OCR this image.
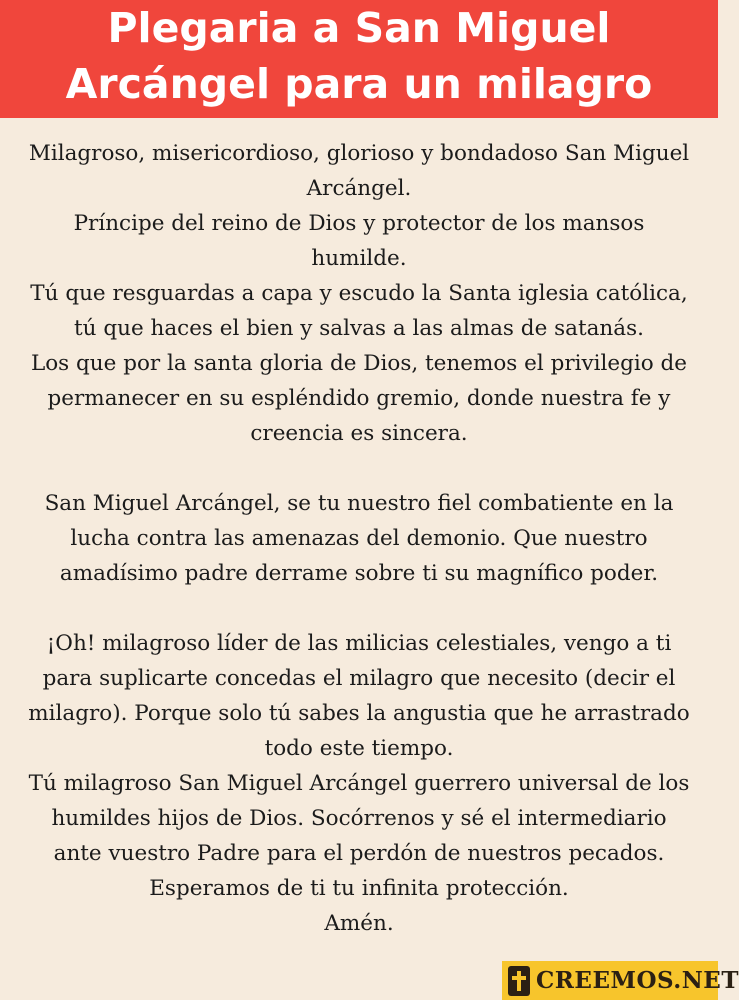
Plegaria a San Miguel
Arcángel para un milagro
Milagroso, misericordioso, glorioso y bondadoso San Miguel
Arcángel.
Príncipe del reino de Dios y protector de los mansos
humilde.
Tú que resguardas a capa y escudo la Santa iglesia católica,
tú que haces el bien y salvas a las almas de satanás.
Los que por la santa gloria de Dios, tenemos el privilegio de
permanecer en su espléndido gremio, donde nuestra fe y
creencia es sincera.
San Miguel Arcángel, se tu nuestro fiel combatiente en la
lucha contra las amenazas del demonio. Que nuestro
amadísimo padre derrame sobre ti su magnífico poder.
¡Oh! milagroso líder de las milicias celestiales, vengo a ti
para suplicarte concedas el milagro que necesito (decir el
milagro). Porque solo tú sabes la angustia que he arrastrado
todo este tiempo.
Tú milagroso San Miguel Arcángel guerrero universal de los
humildes hijos de Dios. Socórrenos y sé el intermediario
ante vuestro Padre para el perdón de nuestros pecados.
Esperamos de ti tu infinita protección.
Amén.
CREEMOS.NET
